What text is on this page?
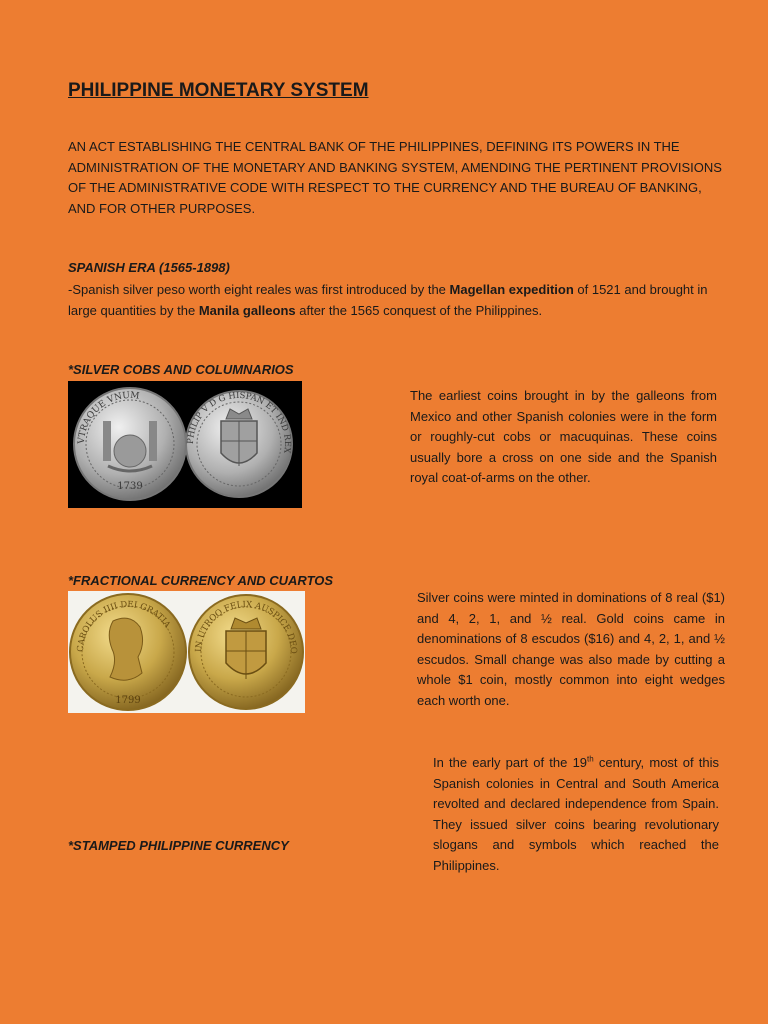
PHILIPPINE MONETARY SYSTEM
AN ACT ESTABLISHING THE CENTRAL BANK OF THE PHILIPPINES, DEFINING ITS POWERS IN THE ADMINISTRATION OF THE MONETARY AND BANKING SYSTEM, AMENDING THE PERTINENT PROVISIONS OF THE ADMINISTRATIVE CODE WITH RESPECT TO THE CURRENCY AND THE BUREAU OF BANKING, AND FOR OTHER PURPOSES.
SPANISH ERA (1565-1898)
-Spanish silver peso worth eight reales was first introduced by the Magellan expedition of 1521 and brought in large quantities by the Manila galleons after the 1565 conquest of the Philippines.
*SILVER COBS AND COLUMNARIOS
VTRAQUE VNUM
1739
PHILIP V D G HISPAN ET IND REX
The earliest coins brought in by the galleons from Mexico and other Spanish colonies were in the form or roughly-cut cobs or macuquinas. These coins usually bore a cross on one side and the Spanish royal coat-of-arms on the other.
*FRACTIONAL CURRENCY AND CUARTOS
CAROLUS IIII DEI GRATIA
1799
IN UTROQ FELIX AUSPICE DEO
Silver coins were minted in dominations of 8 real ($1) and 4, 2, 1, and ½ real. Gold coins came in denominations of 8 escudos ($16) and 4, 2, 1, and ½ escudos. Small change was also made by cutting a whole $1 coin, mostly common into eight wedges each worth one.
In the early part of the 19th century, most of this Spanish colonies in Central and South America revolted and declared independence from Spain. They issued silver coins bearing revolutionary slogans and symbols which reached the Philippines.
*STAMPED PHILIPPINE CURRENCY
